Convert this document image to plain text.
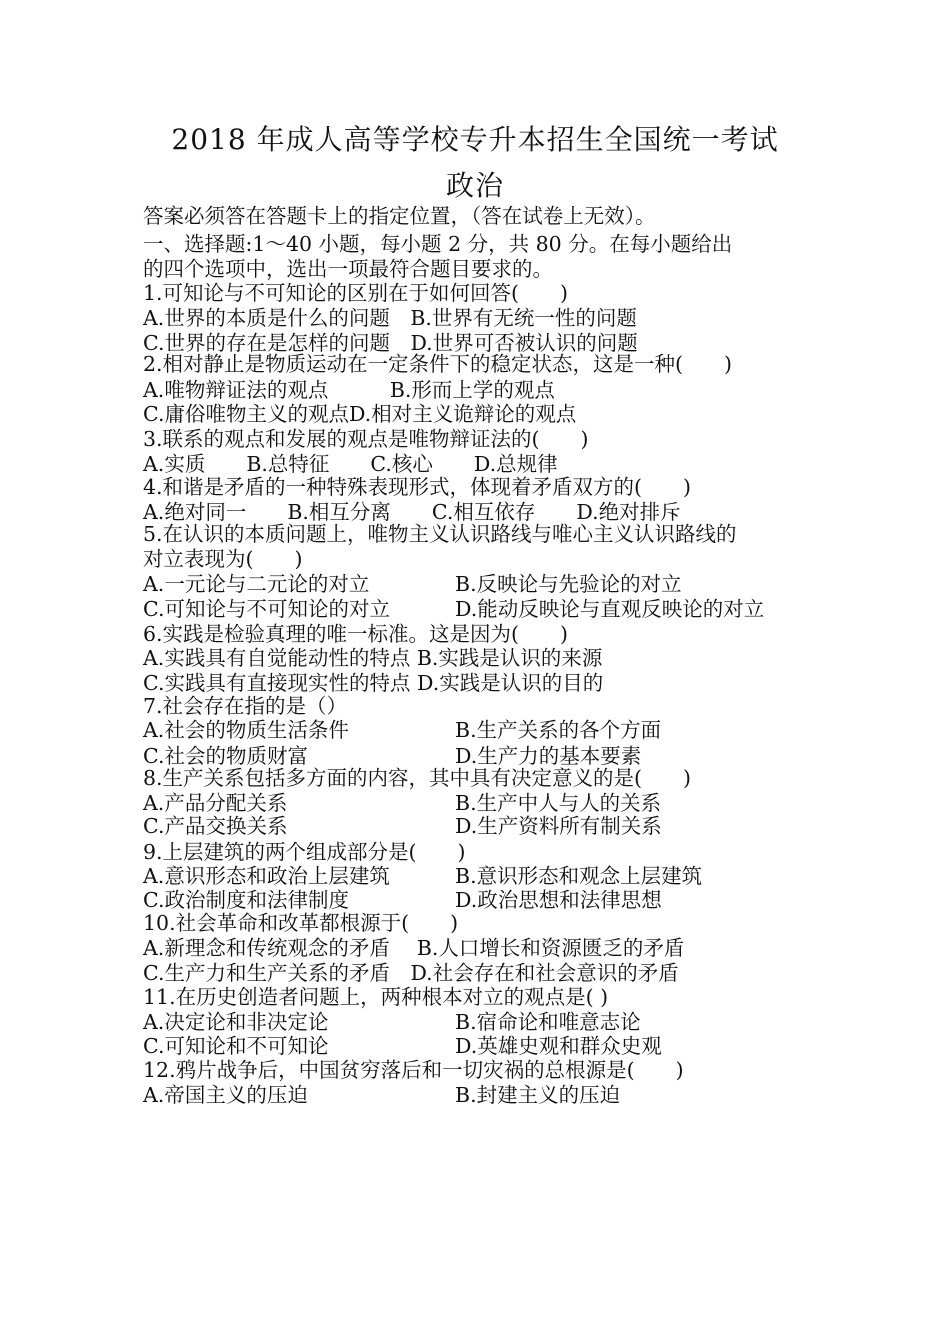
2018 年成人高等学校专升本招生全国统一考试
政治
答案必须答在答题卡上的指定位置，（答在试卷上无效）。
一、选择题:1～40 小题，每小题 2 分，共 80 分。在每小题给出
的四个选项中，选出一项最符合题目要求的。
1.可知论与不可知论的区别在于如何回答(　　)
A.世界的本质是什么的问题　B.世界有无统一性的问题
C.世界的存在是怎样的问题　D.世界可否被认识的问题
2.相对静止是物质运动在一定条件下的稳定状态，这是一种(　　)
A.唯物辩证法的观点　　　B.形而上学的观点
C.庸俗唯物主义的观点D.相对主义诡辩论的观点
3.联系的观点和发展的观点是唯物辩证法的(　　)
A.实质　　B.总特征　　C.核心　　D.总规律
4.和谐是矛盾的一种特殊表现形式，体现着矛盾双方的(　　)
A.绝对同一　　B.相互分离　　C.相互依存　　D.绝对排斥
5.在认识的本质问题上，唯物主义认识路线与唯心主义认识路线的
对立表现为(　　)
A.一元论与二元论的对立	B.反映论与先验论的对立
C.可知论与不可知论的对立	D.能动反映论与直观反映论的对立
6.实践是检验真理的唯一标准。这是因为(　　)
A.实践具有自觉能动性的特点 B.实践是认识的来源
C.实践具有直接现实性的特点 D.实践是认识的目的
7.社会存在指的是（）
A.社会的物质生活条件	B.生产关系的各个方面
C.社会的物质财富	D.生产力的基本要素
8.生产关系包括多方面的内容，其中具有决定意义的是(　　)
A.产品分配关系	B.生产中人与人的关系
C.产品交换关系	D.生产资料所有制关系
9.上层建筑的两个组成部分是(　　)
A.意识形态和政治上层建筑	B.意识形态和观念上层建筑
C.政治制度和法律制度	D.政治思想和法律思想
10.社会革命和改革都根源于(　　)
A.新理念和传统观念的矛盾　 B.人口增长和资源匮乏的矛盾
C.生产力和生产关系的矛盾　D.社会存在和社会意识的矛盾
11.在历史创造者问题上，两种根本对立的观点是( )
A.决定论和非决定论	B.宿命论和唯意志论
C.可知论和不可知论	D.英雄史观和群众史观
12.鸦片战争后，中国贫穷落后和一切灾祸的总根源是(　　)
A.帝国主义的压迫	B.封建主义的压迫
